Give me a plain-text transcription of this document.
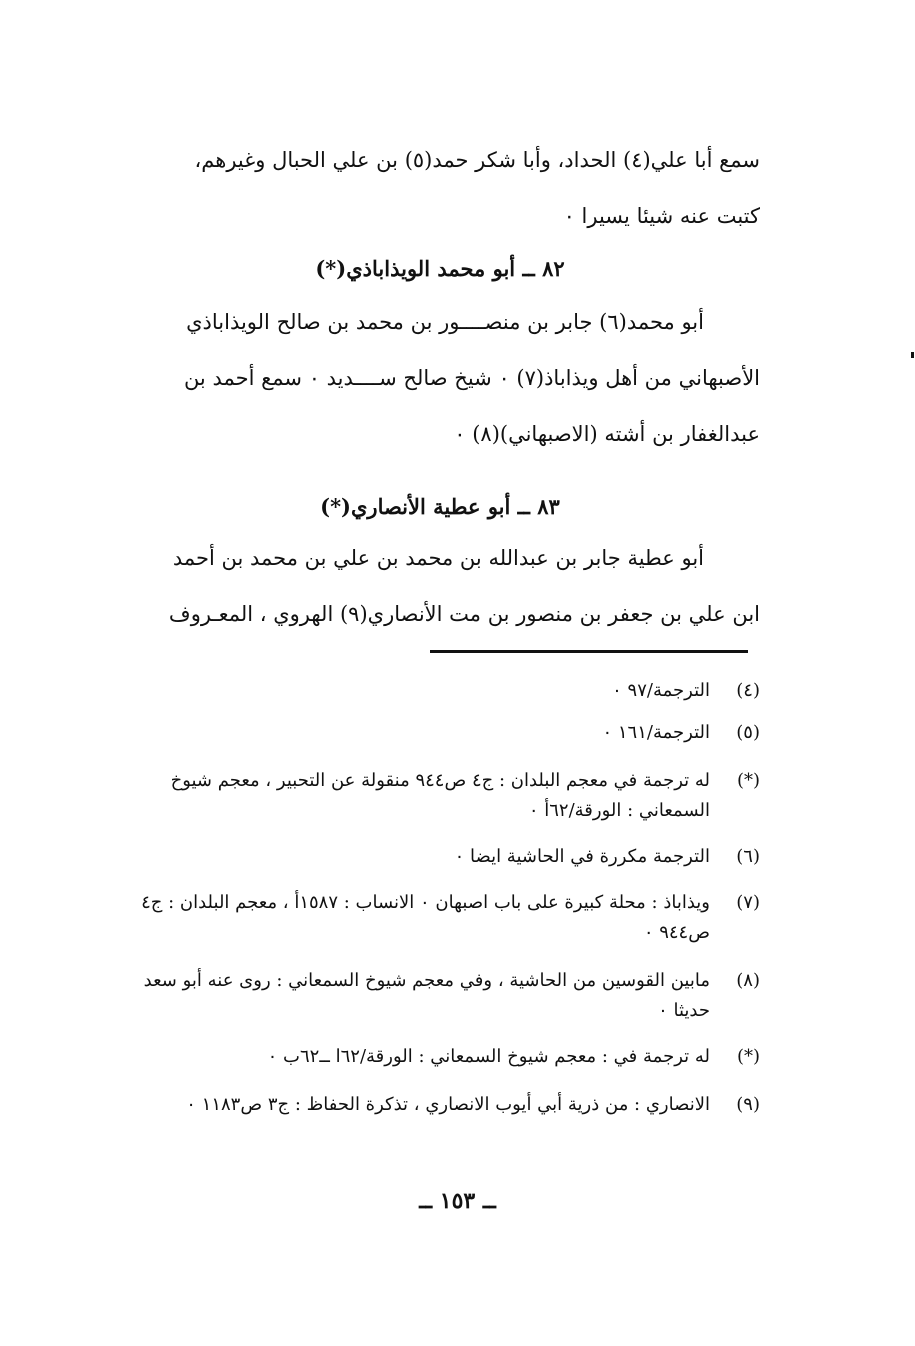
سمع أبا علي(٤) الحداد، وأبا شكر حمد(٥) بن علي الحبال وغيرهم،
كتبت عنه شيئا يسيرا ٠
٨٢ ــ أبو محمد الويذاباذي(*)
أبو محمد(٦) جابر بن منصــــور بن محمد بن صالح الويذاباذي
الأصبهاني من أهل ويذاباذ(٧) ٠ شيخ صالح ســــديد ٠ سمع أحمد بن
عبدالغفار بن أشته (الاصبهاني)(٨) ٠
٨٣ ــ أبو عطية الأنصاري(*)
أبو عطية جابر بن عبدالله بن محمد بن علي بن محمد بن أحمد
ابن علي بن جعفر بن منصور بن مت الأنصاري(٩) الهروي ، المعـروف
(٤)
الترجمة/٩٧ ٠
(٥)
الترجمة/١٦١ ٠
(*)
له ترجمة في معجم البلدان : ج٤ ص٩٤٤ منقولة عن التحبير ، معجم شيوخ السمعاني : الورقة/٦٢أ ٠
(٦)
الترجمة مكررة في الحاشية ايضا ٠
(٧)
ويذاباذ : محلة كبيرة على باب اصبهان ٠ الانساب : ١٥٨٧أ ، معجم البلدان : ج٤ ص٩٤٤ ٠
(٨)
مابين القوسين من الحاشية ، وفي معجم شيوخ السمعاني : روى عنه أبو سعد حديثا ٠
(*)
له ترجمة في : معجم شيوخ السمعاني : الورقة/٦٢ا ــ٦٢ب ٠
(٩)
الانصاري : من ذرية أبي أيوب الانصاري ، تذكرة الحفاظ : ج٣ ص١١٨٣ ٠
ــ ١٥٣ ــ
